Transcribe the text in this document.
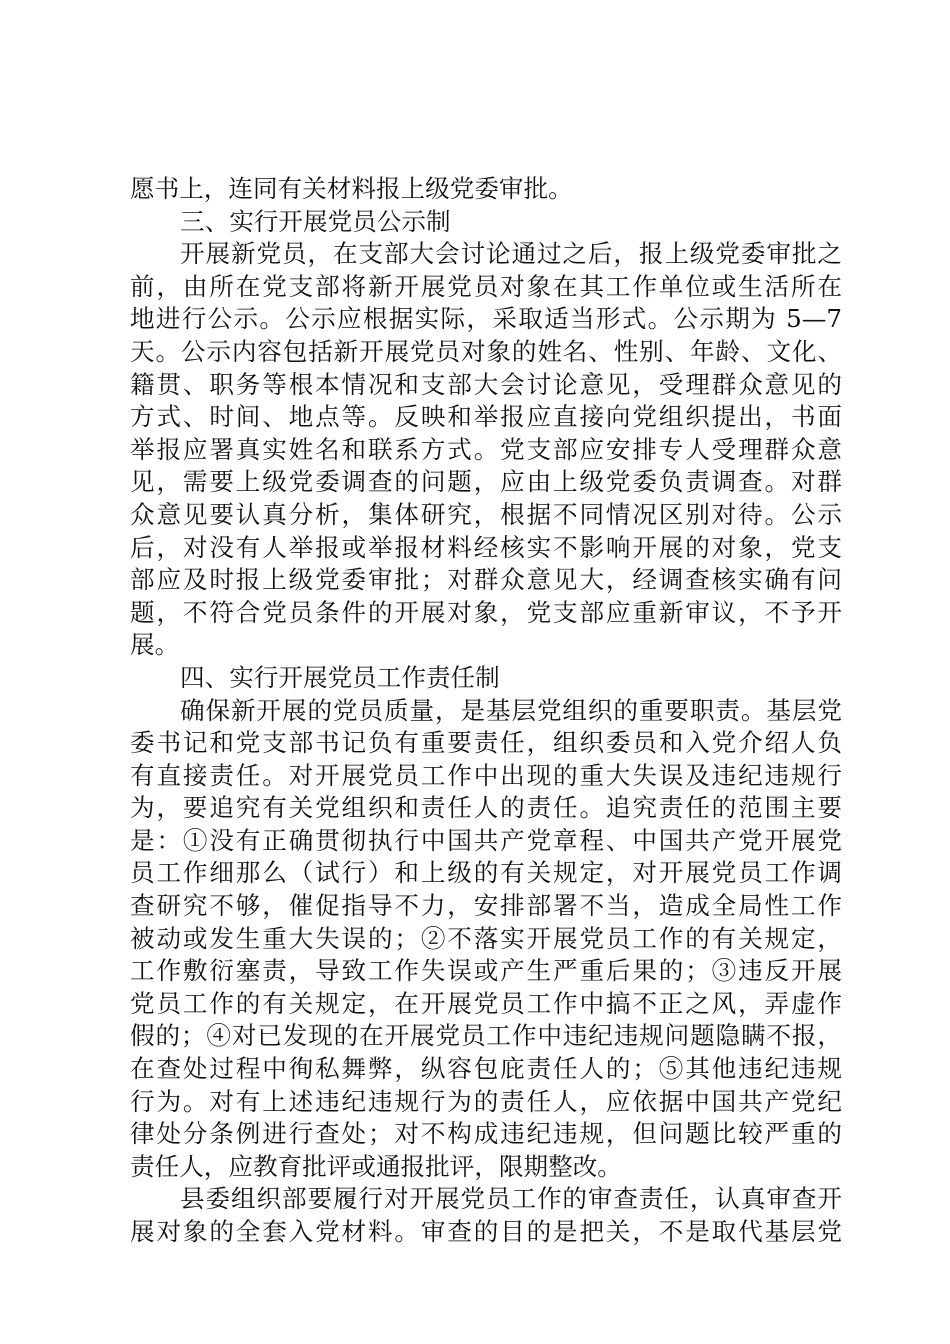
愿书上，连同有关材料报上级党委审批。
三、实行开展党员公示制
开展新党员，在支部大会讨论通过之后，报上级党委审批之
前，由所在党支部将新开展党员对象在其工作单位或生活所在
地进行公示。公示应根据实际，采取适当形式。公示期为 5—7
天。公示内容包括新开展党员对象的姓名、性别、年龄、文化、
籍贯、职务等根本情况和支部大会讨论意见，受理群众意见的
方式、时间、地点等。反映和举报应直接向党组织提出，书面
举报应署真实姓名和联系方式。党支部应安排专人受理群众意
见，需要上级党委调查的问题，应由上级党委负责调查。对群
众意见要认真分析，集体研究，根据不同情况区别对待。公示
后，对没有人举报或举报材料经核实不影响开展的对象，党支
部应及时报上级党委审批；对群众意见大，经调查核实确有问
题，不符合党员条件的开展对象，党支部应重新审议，不予开
展。
四、实行开展党员工作责任制
确保新开展的党员质量，是基层党组织的重要职责。基层党
委书记和党支部书记负有重要责任，组织委员和入党介绍人负
有直接责任。对开展党员工作中出现的重大失误及违纪违规行
为，要追究有关党组织和责任人的责任。追究责任的范围主要
是：①没有正确贯彻执行中国共产党章程、中国共产党开展党
员工作细那么（试行）和上级的有关规定，对开展党员工作调
查研究不够，催促指导不力，安排部署不当，造成全局性工作
被动或发生重大失误的；②不落实开展党员工作的有关规定，
工作敷衍塞责，导致工作失误或产生严重后果的；③违反开展
党员工作的有关规定，在开展党员工作中搞不正之风，弄虚作
假的；④对已发现的在开展党员工作中违纪违规问题隐瞒不报，
在查处过程中徇私舞弊，纵容包庇责任人的；⑤其他违纪违规
行为。对有上述违纪违规行为的责任人，应依据中国共产党纪
律处分条例进行查处；对不构成违纪违规，但问题比较严重的
责任人，应教育批评或通报批评，限期整改。
县委组织部要履行对开展党员工作的审查责任，认真审查开
展对象的全套入党材料。审查的目的是把关，不是取代基层党
